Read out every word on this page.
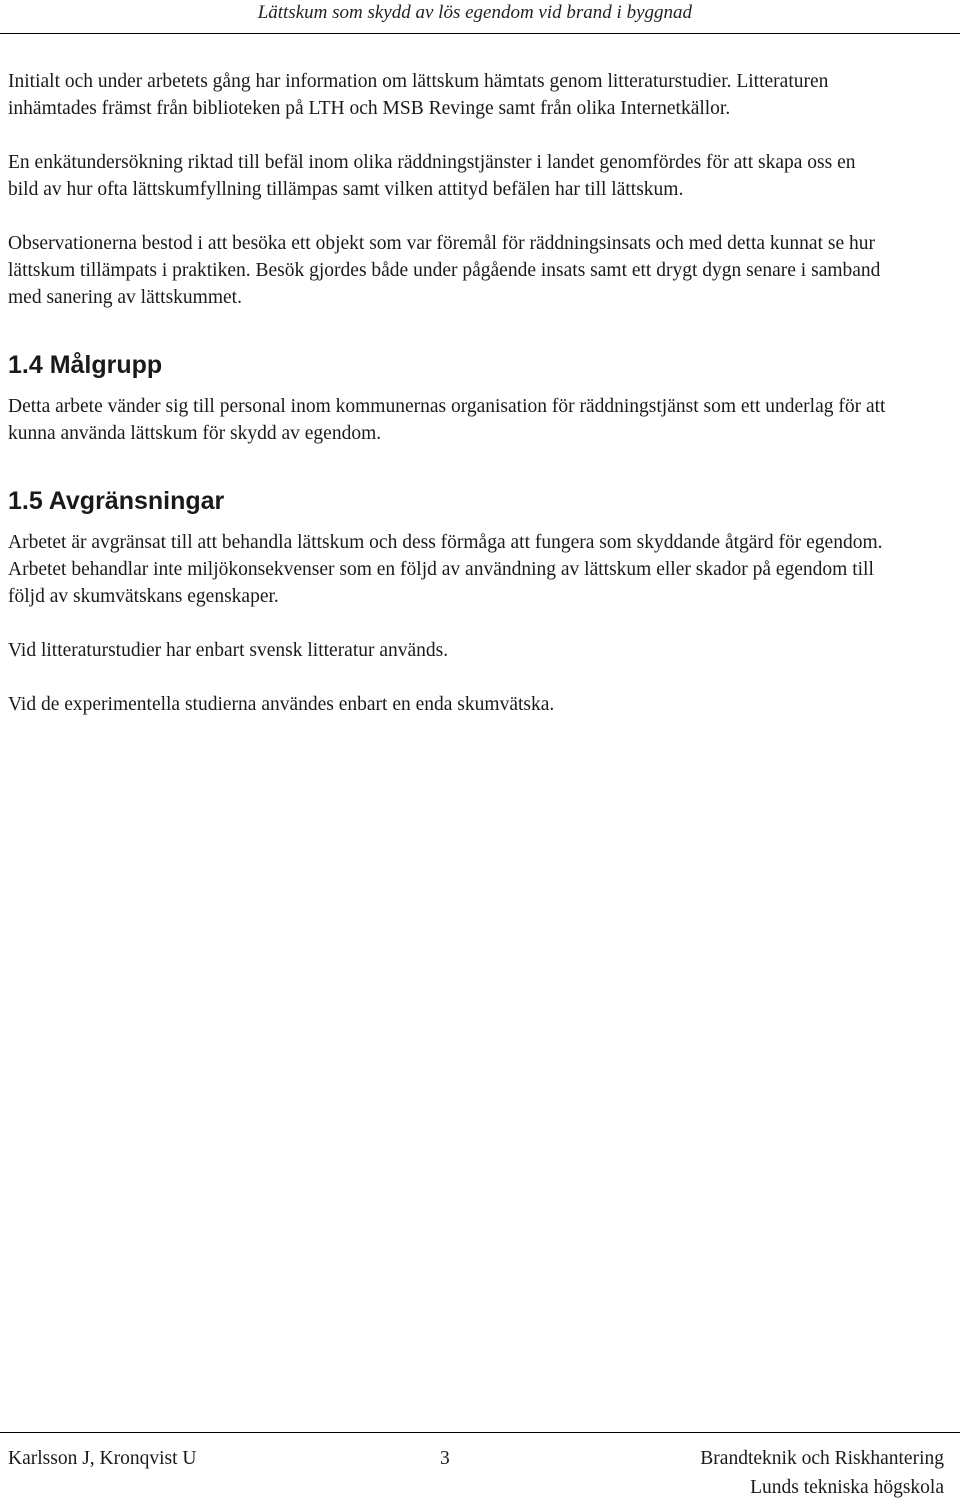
Lättskum som skydd av lös egendom vid brand i byggnad

Initialt och under arbetets gång har information om lättskum hämtats genom litteraturstudier. Litteraturen inhämtades främst från biblioteken på LTH och MSB Revinge samt från olika Internetkällor.

En enkätundersökning riktad till befäl inom olika räddningstjänster i landet genomfördes för att skapa oss en bild av hur ofta lättskumfyllning tillämpas samt vilken attityd befälen har till lättskum.

Observationerna bestod i att besöka ett objekt som var föremål för räddningsinsats och med detta kunnat se hur lättskum tillämpats i praktiken. Besök gjordes både under pågående insats samt ett drygt dygn senare i samband med sanering av lättskummet.

1.4 Målgrupp

Detta arbete vänder sig till personal inom kommunernas organisation för räddningstjänst som ett underlag för att kunna använda lättskum för skydd av egendom.

1.5 Avgränsningar

Arbetet är avgränsat till att behandla lättskum och dess förmåga att fungera som skyddande åtgärd för egendom. Arbetet behandlar inte miljökonsekvenser som en följd av användning av lättskum eller skador på egendom till följd av skumvätskans egenskaper.

Vid litteraturstudier har enbart svensk litteratur används.

Vid de experimentella studierna användes enbart en enda skumvätska.

Karlsson J, Kronqvist U	3	Brandteknik och Riskhantering
Lunds tekniska högskola
